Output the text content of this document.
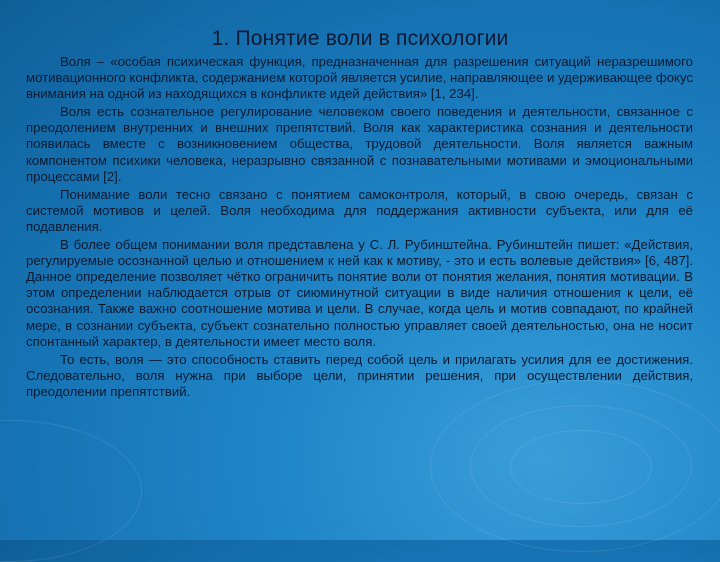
1. Понятие воли в психологии

Воля – «особая психическая функция, предназначенная для разрешения ситуаций неразрешимого мотивационного конфликта, содержанием которой является усилие, направляющее и удерживающее фокус внимания на одной из находящихся в конфликте идей действия» [1, 234].

Воля есть сознательное регулирование человеком своего поведения и деятельности, связанное с преодолением внутренних и внешних препятствий. Воля как характеристика сознания и деятельности появилась вместе с возникновением общества, трудовой деятельности. Воля является важным компонентом психики человека, неразрывно связанной с познавательными мотивами и эмоциональными процессами [2].

Понимание воли тесно связано с понятием самоконтроля, который, в свою очередь, связан с системой мотивов и целей. Воля необходима для поддержания активности субъекта, или для её подавления.

В более общем понимании воля представлена у С. Л. Рубинштейна. Рубинштейн пишет: «Действия, регулируемые осознанной целью и отношением к ней как к мотиву, - это и есть волевые действия» [6, 487]. Данное определение позволяет чётко ограничить понятие воли от понятия желания, понятия мотивации. В этом определении наблюдается отрыв от сиюминутной ситуации в виде наличия отношения к цели, её осознания. Также важно соотношение мотива и цели. В случае, когда цель и мотив совпадают, по крайней мере, в сознании субъекта, субъект сознательно полностью управляет своей деятельностью, она не носит спонтанный характер, в деятельности имеет место воля.

То есть, воля — это способность ставить перед собой цель и прилагать усилия для ее достижения. Следовательно, воля нужна при выборе цели, принятии решения, при осуществлении действия, преодолении препятствий.
